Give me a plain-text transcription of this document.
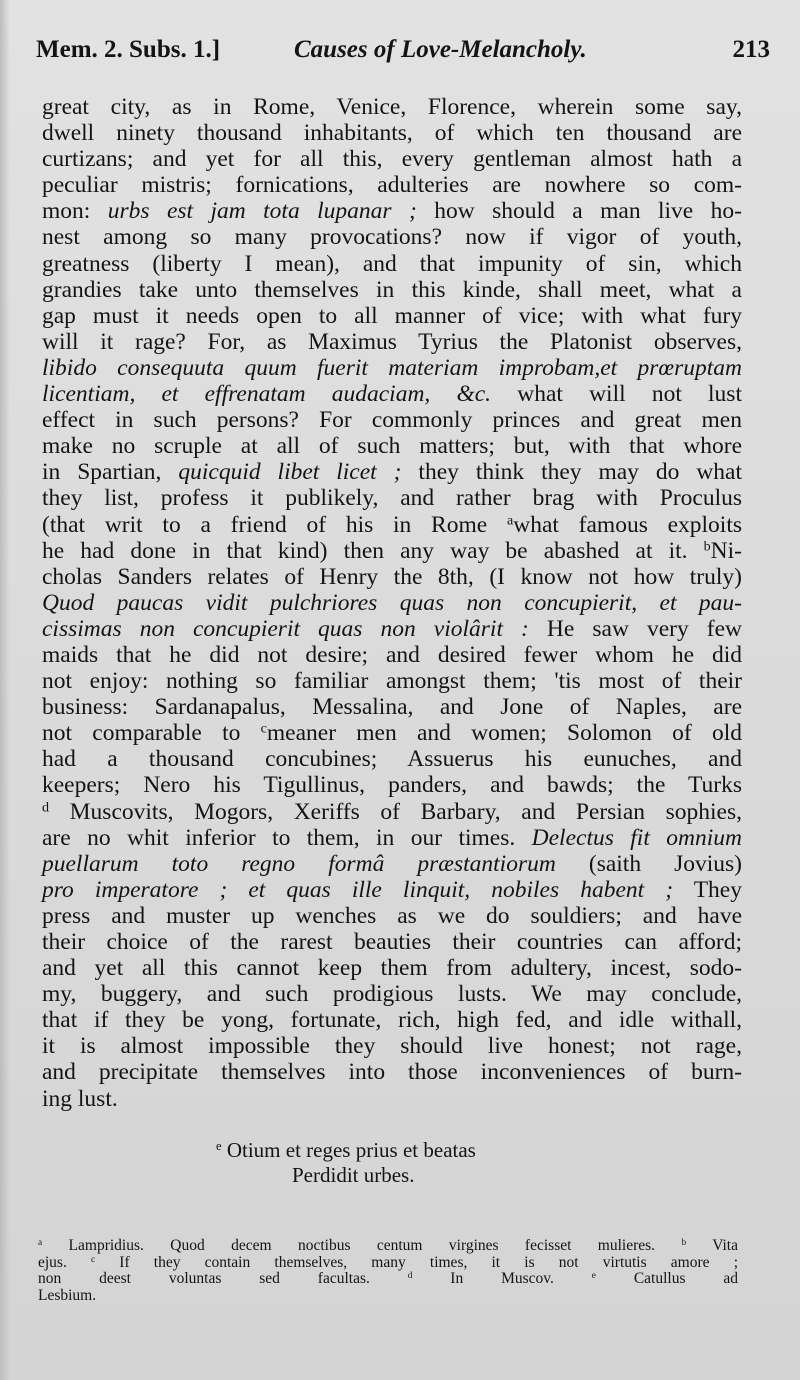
Mem. 2. Subs. 1.]	Causes of Love-Melancholy.	213
great city, as in Rome, Venice, Florence, wherein some say,
dwell ninety thousand inhabitants, of which ten thousand are
curtizans; and yet for all this, every gentleman almost hath a
peculiar mistris; fornications, adulteries are nowhere so com-
mon: urbs est jam tota lupanar ; how should a man live ho-
nest among so many provocations? now if vigor of youth,
greatness (liberty I mean), and that impunity of sin, which
grandies take unto themselves in this kinde, shall meet, what a
gap must it needs open to all manner of vice; with what fury
will it rage? For, as Maximus Tyrius the Platonist observes,
libido consequuta quum fuerit materiam improbam,et prœruptam
licentiam, et effrenatam audaciam, &c. what will not lust
effect in such persons? For commonly princes and great men
make no scruple at all of such matters; but, with that whore
in Spartian, quicquid libet licet ; they think they may do what
they list, profess it publikely, and rather brag with Proculus
(that writ to a friend of his in Rome $^a$what famous exploits
he had done in that kind) then any way be abashed at it. $^b$Ni-
cholas Sanders relates of Henry the 8th, (I know not how truly)
Quod paucas vidit pulchriores quas non concupierit, et pau-
cissimas non concupierit quas non violârit : He saw very few
maids that he did not desire; and desired fewer whom he did
not enjoy: nothing so familiar amongst them; 'tis most of their
business: Sardanapalus, Messalina, and Jone of Naples, are
not comparable to $^c$meaner men and women; Solomon of old
had a thousand concubines; Assuerus his eunuches, and
keepers; Nero his Tigullinus, panders, and bawds; the Turks
$^d$ Muscovits, Mogors, Xeriffs of Barbary, and Persian sophies,
are no whit inferior to them, in our times. Delectus fit omnium
puellarum toto regno formâ præstantiorum (saith Jovius)
pro imperatore ; et quas ille linquit, nobiles habent ; They
press and muster up wenches as we do souldiers; and have
their choice of the rarest beauties their countries can afford;
and yet all this cannot keep them from adultery, incest, sodo-
my, buggery, and such prodigious lusts. We may conclude,
that if they be yong, fortunate, rich, high fed, and idle withall,
it is almost impossible they should live honest; not rage,
and precipitate themselves into those inconveniences of burn-
ing lust.
$^e$ Otium et reges prius et beatas
Perdidit urbes.
$^a$ Lampridius. Quod decem noctibus centum virgines fecisset mulieres. $^b$ Vita
ejus. $^c$ If they contain themselves, many times, it is not virtutis amore ;
non deest voluntas sed facultas. $^d$ In Muscov. $^e$ Catullus ad
Lesbium.
